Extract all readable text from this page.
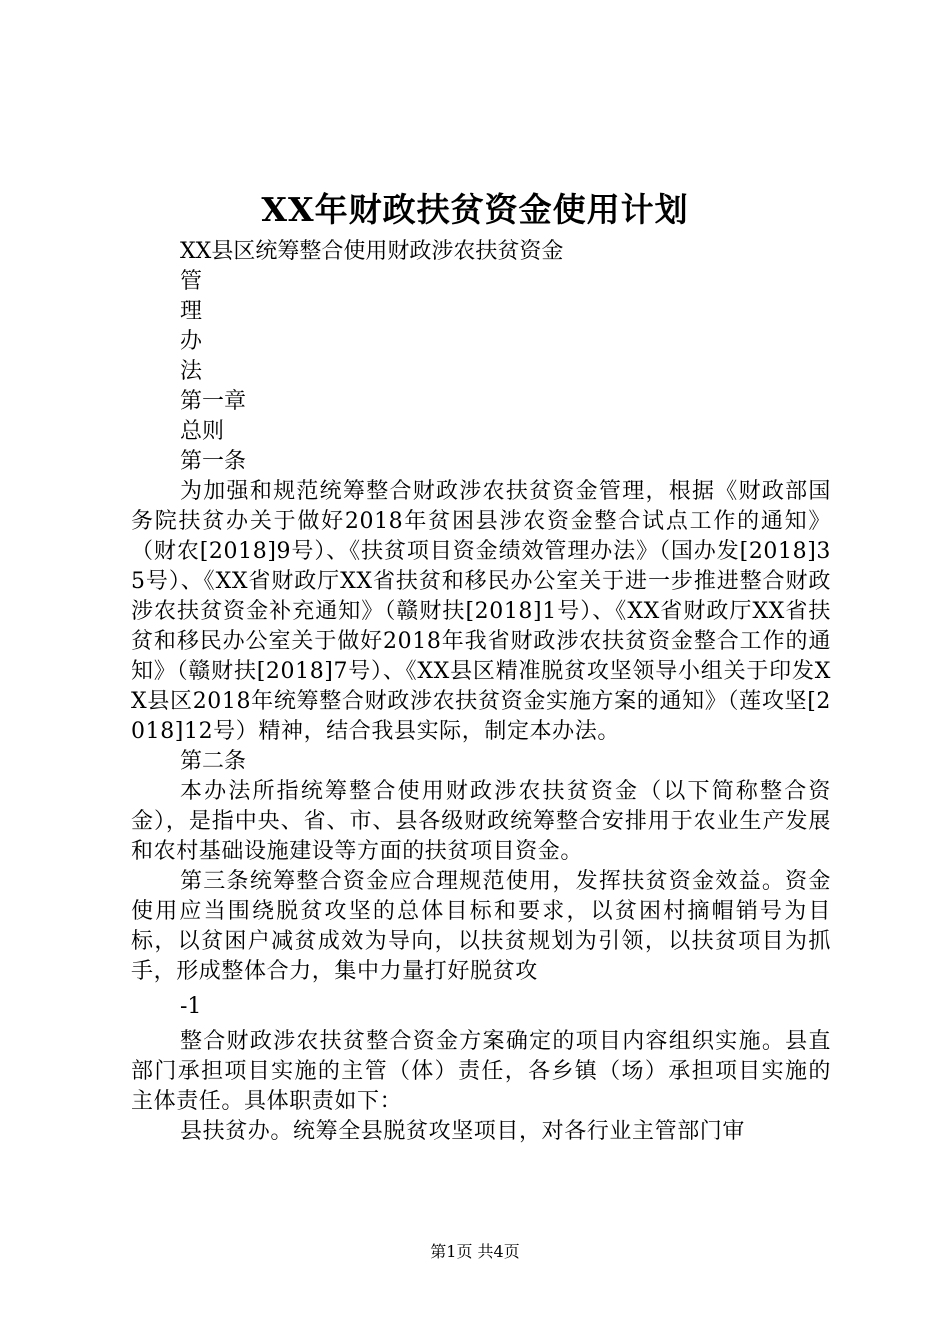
XX年财政扶贫资金使用计划

XX县区统筹整合使用财政涉农扶贫资金

管

理

办

法

第一章

总则

第一条

为加强和规范统筹整合财政涉农扶贫资金管理，根据《财政部国务院扶贫办关于做好2018年贫困县涉农资金整合试点工作的通知》（财农[2018]9号）、《扶贫项目资金绩效管理办法》（国办发[2018]35号）、《XX省财政厅XX省扶贫和移民办公室关于进一步推进整合财政涉农扶贫资金补充通知》（赣财扶[2018]1号）、《XX省财政厅XX省扶贫和移民办公室关于做好2018年我省财政涉农扶贫资金整合工作的通知》（赣财扶[2018]7号）、《XX县区精准脱贫攻坚领导小组关于印发XX县区2018年统筹整合财政涉农扶贫资金实施方案的通知》（莲攻坚[2018]12号）精神，结合我县实际，制定本办法。

第二条

本办法所指统筹整合使用财政涉农扶贫资金（以下简称整合资金），是指中央、省、市、县各级财政统筹整合安排用于农业生产发展和农村基础设施建设等方面的扶贫项目资金。

第三条统筹整合资金应合理规范使用，发挥扶贫资金效益。资金使用应当围绕脱贫攻坚的总体目标和要求，以贫困村摘帽销号为目标，以贫困户减贫成效为导向，以扶贫规划为引领，以扶贫项目为抓手，形成整体合力，集中力量打好脱贫攻

-1

整合财政涉农扶贫整合资金方案确定的项目内容组织实施。县直部门承担项目实施的主管（体）责任，各乡镇（场）承担项目实施的主体责任。具体职责如下：

县扶贫办。统筹全县脱贫攻坚项目，对各行业主管部门审

第1页 共4页
